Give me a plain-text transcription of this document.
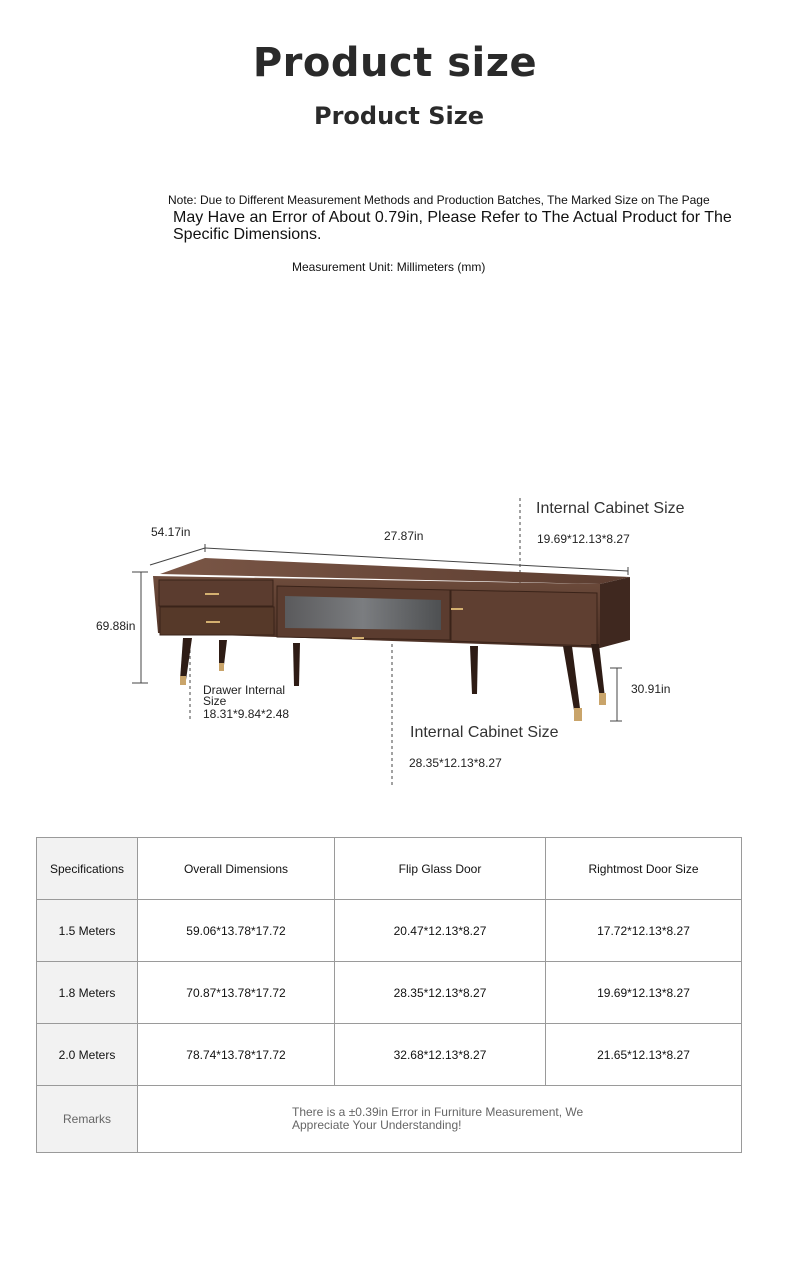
Product size
Product Size
Note: Due to Different Measurement Methods and Production Batches, The Marked Size on The Page
May Have an Error of About 0.79in, Please Refer to The Actual Product for The Specific Dimensions.
Measurement Unit: Millimeters (mm)
54.17in	27.87in
69.88in
30.91in
Internal Cabinet Size
19.69*12.13*8.27
Internal Cabinet Size
28.35*12.13*8.27
Drawer Internal
Size
18.31*9.84*2.48
Specifications	Overall Dimensions	Flip Glass Door	Rightmost Door Size
1.5 Meters	59.06*13.78*17.72	20.47*12.13*8.27	17.72*12.13*8.27
1.8 Meters	70.87*13.78*17.72	28.35*12.13*8.27	19.69*12.13*8.27
2.0 Meters	78.74*13.78*17.72	32.68*12.13*8.27	21.65*12.13*8.27
Remarks	There is a ±0.39in Error in Furniture Measurement, We Appreciate Your Understanding!		
